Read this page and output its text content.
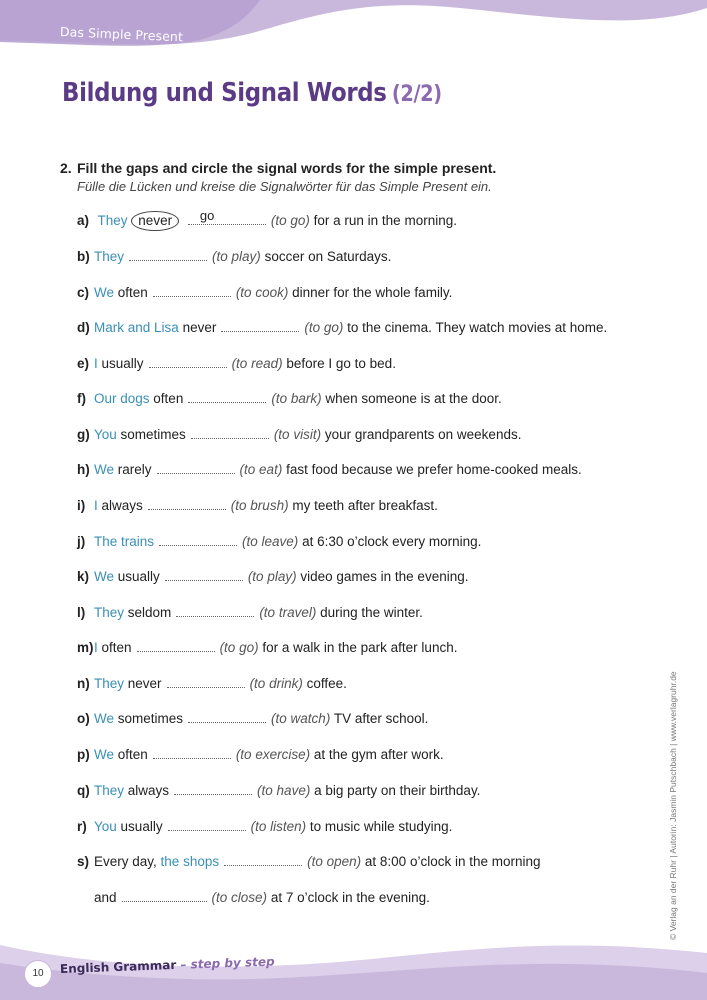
Das Simple Present
Bildung und Signal Words (2/2)
2. Fill the gaps and circle the signal words for the simple present.
Fülle die Lücken und kreise die Signalwörter für das Simple Present ein.
a) They never go	(to go) for a run in the morning.
b) They	(to play) soccer on Saturdays.
c) We often	(to cook) dinner for the whole family.
d) Mark and Lisa never	(to go) to the cinema. They watch movies at home.
e) I usually	(to read) before I go to bed.
f) Our dogs often	(to bark) when someone is at the door.
g) You sometimes	(to visit) your grandparents on weekends.
h) We rarely	(to eat) fast food because we prefer home-cooked meals.
i) I always	(to brush) my teeth after breakfast.
j) The trains	(to leave) at 6:30 o’clock every morning.
k) We usually	(to play) video games in the evening.
l) They seldom	(to travel) during the winter.
m)I often	(to go) for a walk in the park after lunch.
n) They never	(to drink) coffee.
o) We sometimes	(to watch) TV after school.
p) We often	(to exercise) at the gym after work.
q) They always	(to have) a big party on their birthday.
r) You usually	(to listen) to music while studying.
s) Every day, the shops	(to open) at 8:00 o’clock in the morning
and	(to close) at 7 o’clock in the evening.	© Verlag an der Ruhr | Autorin: Jasmin Putschbach | www.verlagruhr.de
10	English Grammar – step by step
